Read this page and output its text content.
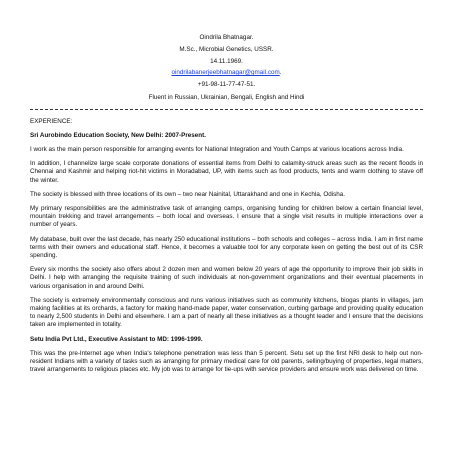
Oindrila Bhatnagar.
M.Sc., Microbial Genetics, USSR.
14.11.1969.
oindrilabanerjeebhatnagar@gmail.com.
+91-98-11-77-47-51.
Fluent in Russian, Ukrainian, Bengali, English and Hindi
EXPERIENCE:
Sri Aurobindo Education Society, New Delhi: 2007-Present.
I work as the main person responsible for arranging events for National Integration and Youth Camps at various locations across India.
In addition, I channelize large scale corporate donations of essential items from Delhi to calamity-struck areas such as the recent floods in Chennai and Kashmir and helping riot-hit victims in Moradabad, UP, with items such as food products, tents and warm clothing to stave off the winter.
The society is blessed with three locations of its own – two near Nainital, Uttarakhand and one in Kechla, Odisha.
My primary responsibilities are the administrative task of arranging camps, organising funding for children below a certain financial level, mountain trekking and travel arrangements – both local and overseas. I ensure that a single visit results in multiple interactions over a number of years.
My database, built over the last decade, has nearly 250 educational institutions – both schools and colleges – across India. I am in first name terms with their owners and educational staff. Hence, it becomes a valuable tool for any corporate keen on getting the best out of its CSR spending.
Every six months the society also offers about 2 dozen men and women below 20 years of age the opportunity to improve their job skills in Delhi. I help with arranging the requisite training of such individuals at non-government organizations and their eventual placements in various organisation in and around Delhi.
The society is extremely environmentally conscious and runs various initiatives such as community kitchens, biogas plants in villages, jam making facilities at its orchards, a factory for making hand-made paper, water conservation, curbing garbage and providing quality education to nearly 2,500 students in Delhi and elsewhere. I am a part of nearly all these initiatives as a thought leader and I ensure that the decisions taken are implemented in totality.
Setu India Pvt Ltd., Executive Assistant to MD: 1996-1999.
This was the pre-Internet age when India's telephone penetration was less than 5 percent. Setu set up the first NRI desk to help out non-resident Indians with a variety of tasks such as arranging for primary medical care for old parents, selling/buying of properties, legal matters, travel arrangements to religious places etc. My job was to arrange for tie-ups with service providers and ensure work was delivered on time.
